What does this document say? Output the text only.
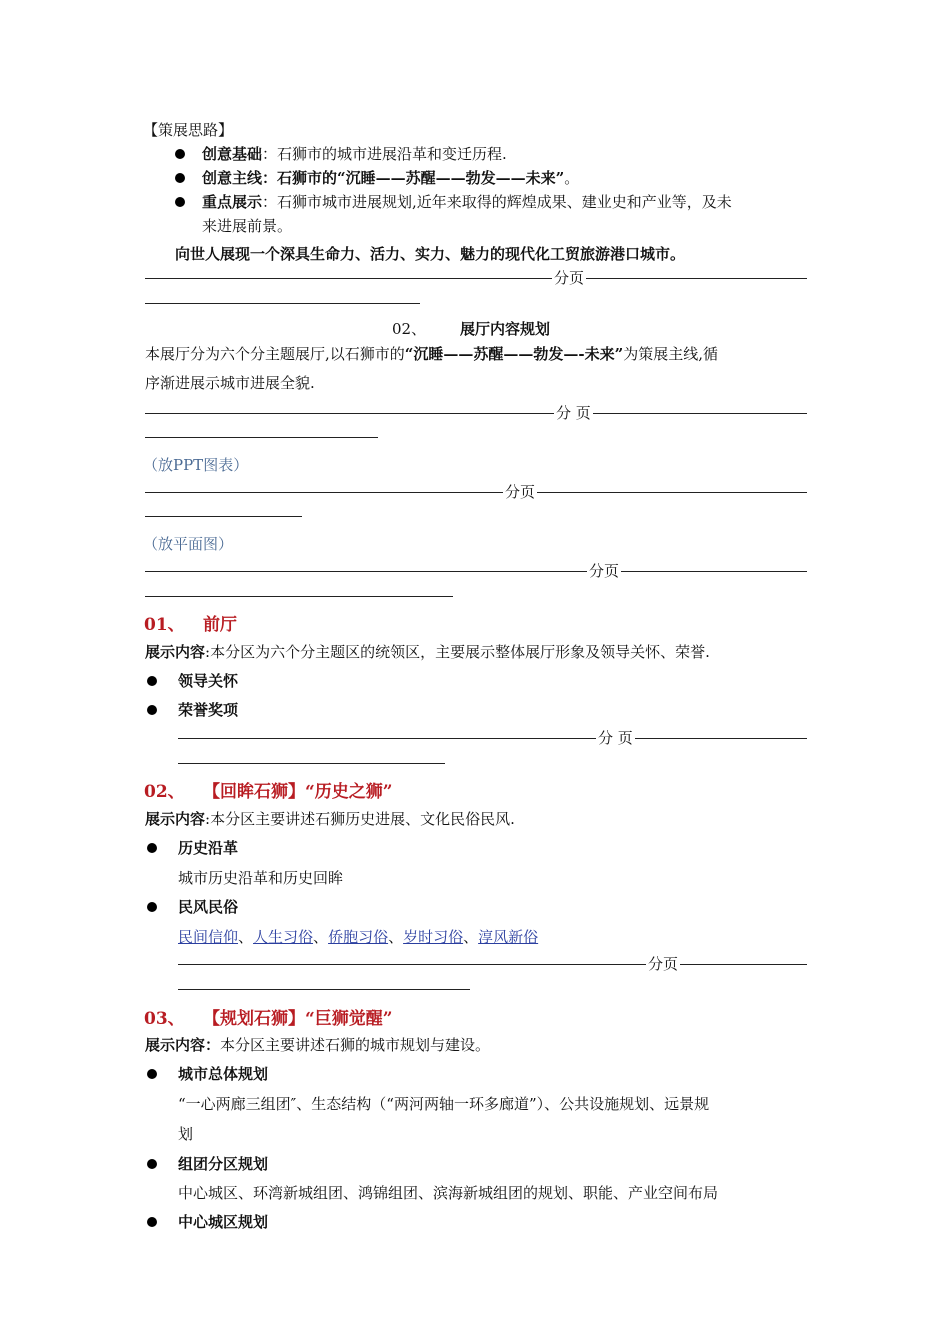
【策展思路】
创意基础：石狮市的城市进展沿革和变迁历程.
创意主线：石狮市的“沉睡——苏醒——勃发——未来”。
重点展示：石狮市城市进展规划,近年来取得的辉煌成果、建业史和产业等，及未
来进展前景。
向世人展现一个深具生命力、活力、实力、魅力的现代化工贸旅游港口城市。
分页
02、 展厅内容规划
本展厅分为六个分主题展厅,以石狮市的“沉睡——苏醒——勃发—-未来”为策展主线,循
序渐进展示城市进展全貌.
分 页
（放PPT图表）
分页
（放平面图）
分页
01、 前厅
展示内容:本分区为六个分主题区的统领区，主要展示整体展厅形象及领导关怀、荣誉.
领导关怀
荣誉奖项
分 页
02、 【回眸石狮】“历史之狮”
展示内容:本分区主要讲述石狮历史进展、文化民俗民风.
历史沿革
城市历史沿革和历史回眸
民风民俗
民间信仰、人生习俗、侨胞习俗、岁时习俗、淳风新俗
分页
03、 【规划石狮】“巨狮觉醒”
展示内容：本分区主要讲述石狮的城市规划与建设。
城市总体规划
“一心两廊三组团″、生态结构（“两河两轴一环多廊道”）、公共设施规划、远景规
划
组团分区规划
中心城区、环湾新城组团、鸿锦组团、滨海新城组团的规划、职能、产业空间布局
中心城区规划
